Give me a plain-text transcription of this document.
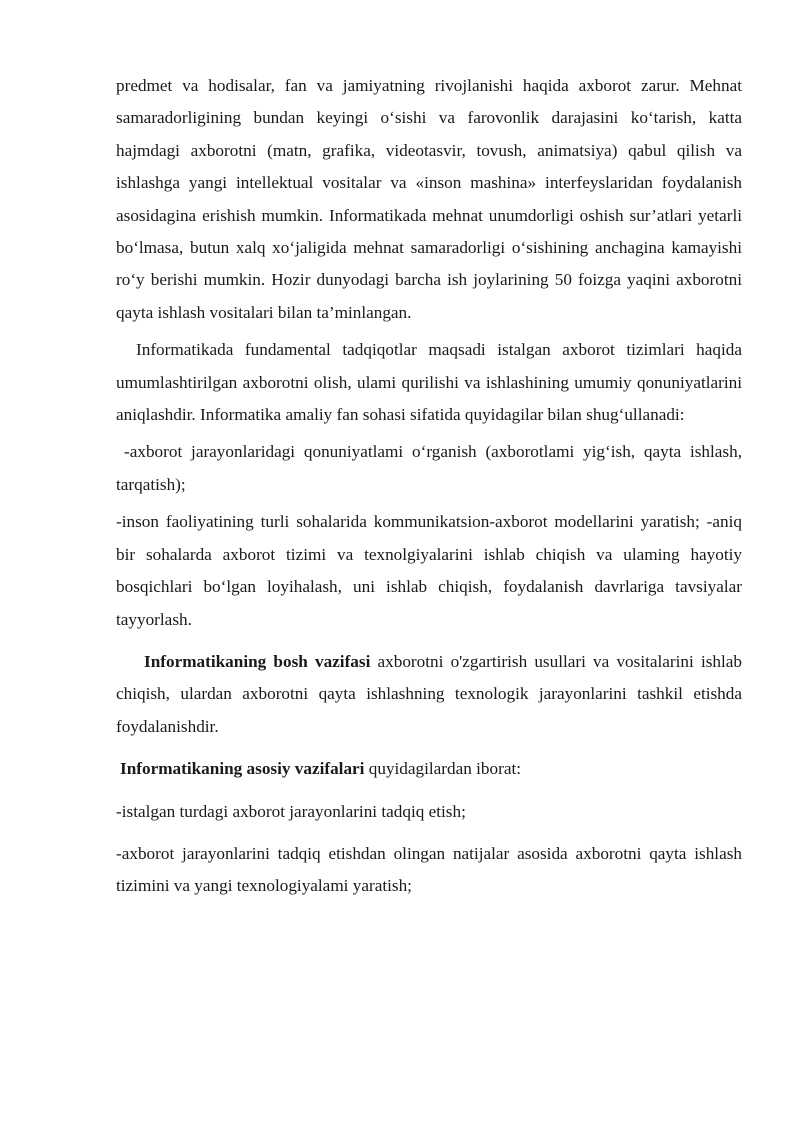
predmet va hodisalar, fan va jamiyatning rivojlanishi haqida axborot zarur. Mehnat samaradorligining bundan keyingi o‘sishi va farovonlik darajasini ko‘tarish, katta hajmdagi axborotni (matn, grafika, videotasvir, tovush, animatsiya) qabul qilish va ishlashga yangi intellektual vositalar va «inson mashina» interfeyslaridan foydalanish asosidagina erishish mumkin. Informatikada mehnat unumdorligi oshish sur’atlari yetarli bo‘lmasa, butun xalq xo‘jaligida mehnat samaradorligi o‘sishining anchagina kamayishi ro‘y berishi mumkin. Hozir dunyodagi barcha ish joylarining 50 foizga yaqini axborotni qayta ishlash vositalari bilan ta’minlangan.

Informatikada fundamental tadqiqotlar maqsadi istalgan axborot tizimlari haqida umumlashtirilgan axborotni olish, ulami qurilishi va ishlashining umumiy qonuniyatlarini aniqlashdir. Informatika amaliy fan sohasi sifatida quyidagilar bilan shug‘ullanadi:

-axborot jarayonlaridagi qonuniyatlami o‘rganish (axborotlami yig‘ish, qayta ishlash, tarqatish);

-inson faoliyatining turli sohalarida kommunikatsion-axborot modellarini yaratish; -aniq bir sohalarda axborot tizimi va texnolgiyalarini ishlab chiqish va ulaming hayotiy bosqichlari bo‘lgan loyihalash, uni ishlab chiqish, foydalanish davrlariga tavsiyalar tayyorlash.

Informatikaning bosh vazifasi axborotni o'zgartirish usullari va vositalarini ishlab chiqish, ulardan axborotni qayta ishlashning texnologik jarayonlarini tashkil etishda foydalanishdir.

Informatikaning asosiy vazifalari quyidagilardan iborat:

-istalgan turdagi axborot jarayonlarini tadqiq etish;

-axborot jarayonlarini tadqiq etishdan olingan natijalar asosida axborotni qayta ishlash tizimini va yangi texnologiyalami yaratish;
